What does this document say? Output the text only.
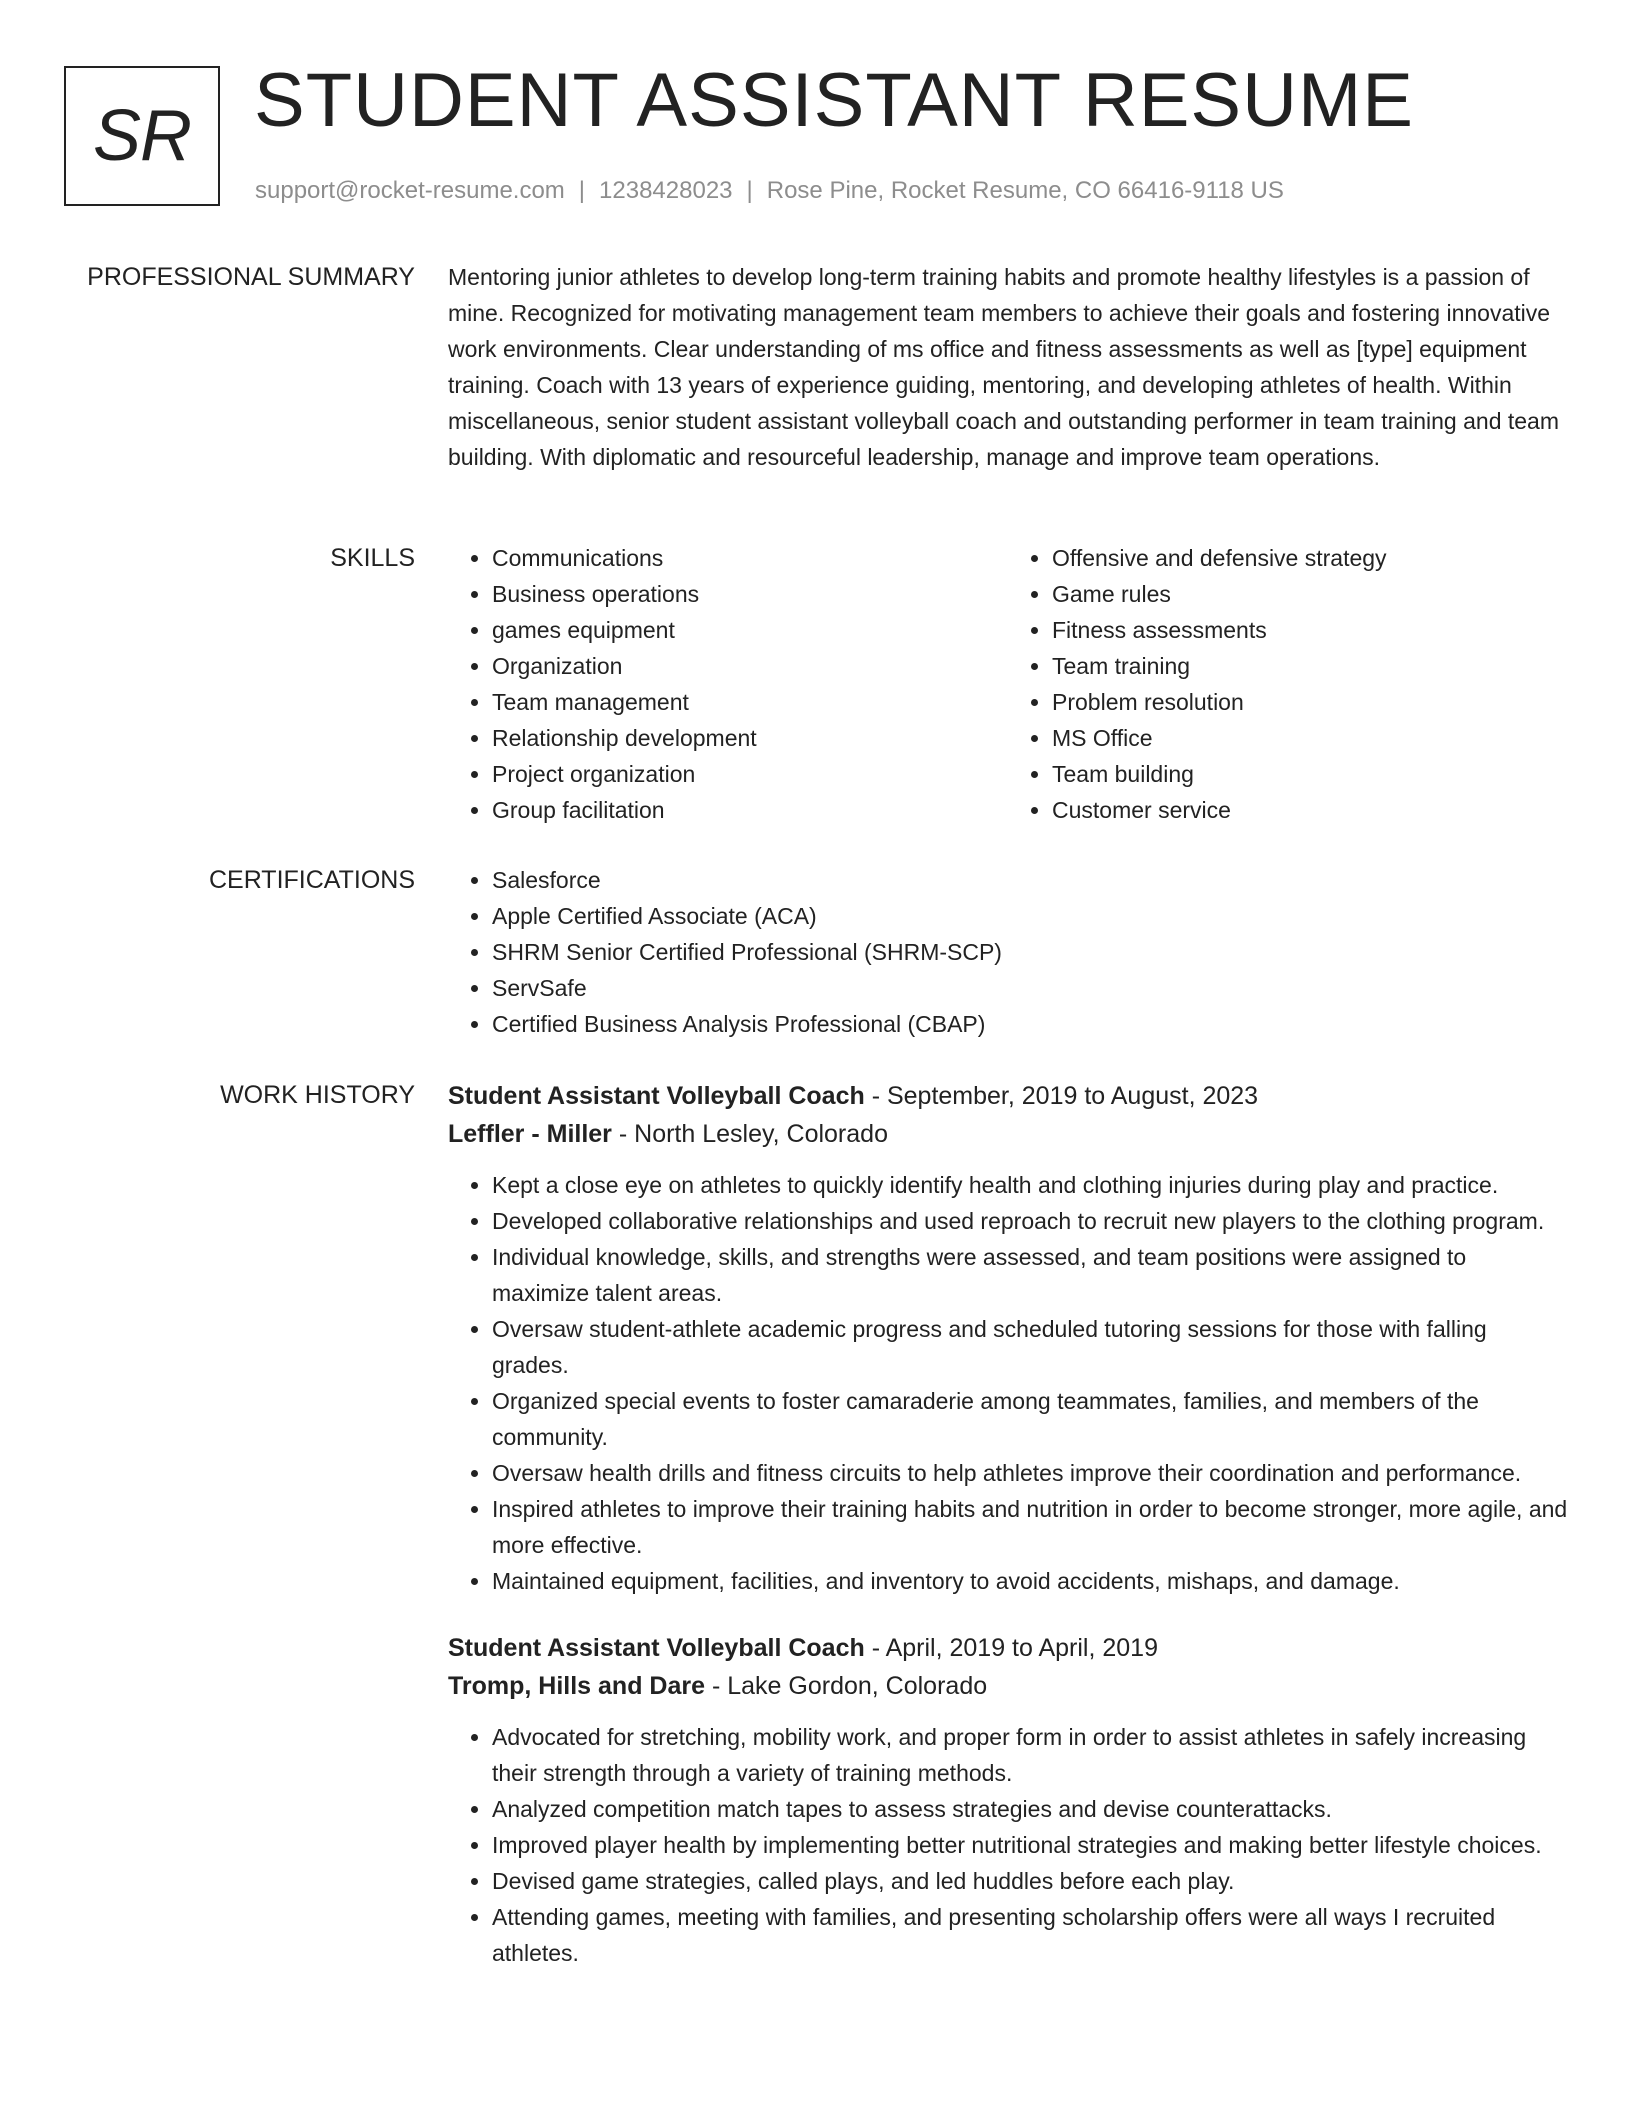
SR STUDENT ASSISTANT RESUME
support@rocket-resume.com | 1238428023 | Rose Pine, Rocket Resume, CO 66416-9118 US
PROFESSIONAL SUMMARY Mentoring junior athletes to develop long-term training habits and promote healthy lifestyles is a passion of mine. Recognized for motivating management team members to achieve their goals and fostering innovative work environments. Clear understanding of ms office and fitness assessments as well as [type] equipment training. Coach with 13 years of experience guiding, mentoring, and developing athletes of health. Within miscellaneous, senior student assistant volleyball coach and outstanding performer in team training and team building. With diplomatic and resourceful leadership, manage and improve team operations.

SKILLS	• Communications
• Business operations
• games equipment
• Organization
• Team management
• Relationship development
• Project organization
• Group facilitation
• Offensive and defensive strategy
• Game rules
• Fitness assessments
• Team training
• Problem resolution
• MS Office
• Team building
• Customer service
CERTIFICATIONS	• Salesforce
• Apple Certified Associate (ACA)
• SHRM Senior Certified Professional (SHRM-SCP)
• ServSafe
• Certified Business Analysis Professional (CBAP)
WORK HISTORY Student Assistant Volleyball Coach - September, 2019 to August, 2023
Leffler - Miller - North Lesley, Colorado
• Kept a close eye on athletes to quickly identify health and clothing injuries during play and practice.
• Developed collaborative relationships and used reproach to recruit new players to the clothing program.
• Individual knowledge, skills, and strengths were assessed, and team positions were assigned to maximize talent areas.
• Oversaw student-athlete academic progress and scheduled tutoring sessions for those with falling grades.
• Organized special events to foster camaraderie among teammates, families, and members of the community.
• Oversaw health drills and fitness circuits to help athletes improve their coordination and performance.
• Inspired athletes to improve their training habits and nutrition in order to become stronger, more agile, and more effective.
• Maintained equipment, facilities, and inventory to avoid accidents, mishaps, and damage.
Student Assistant Volleyball Coach - April, 2019 to April, 2019
Tromp, Hills and Dare - Lake Gordon, Colorado
• Advocated for stretching, mobility work, and proper form in order to assist athletes in safely increasing their strength through a variety of training methods.
• Analyzed competition match tapes to assess strategies and devise counterattacks.
• Improved player health by implementing better nutritional strategies and making better lifestyle choices.
• Devised game strategies, called plays, and led huddles before each play.
• Attending games, meeting with families, and presenting scholarship offers were all ways I recruited athletes.
